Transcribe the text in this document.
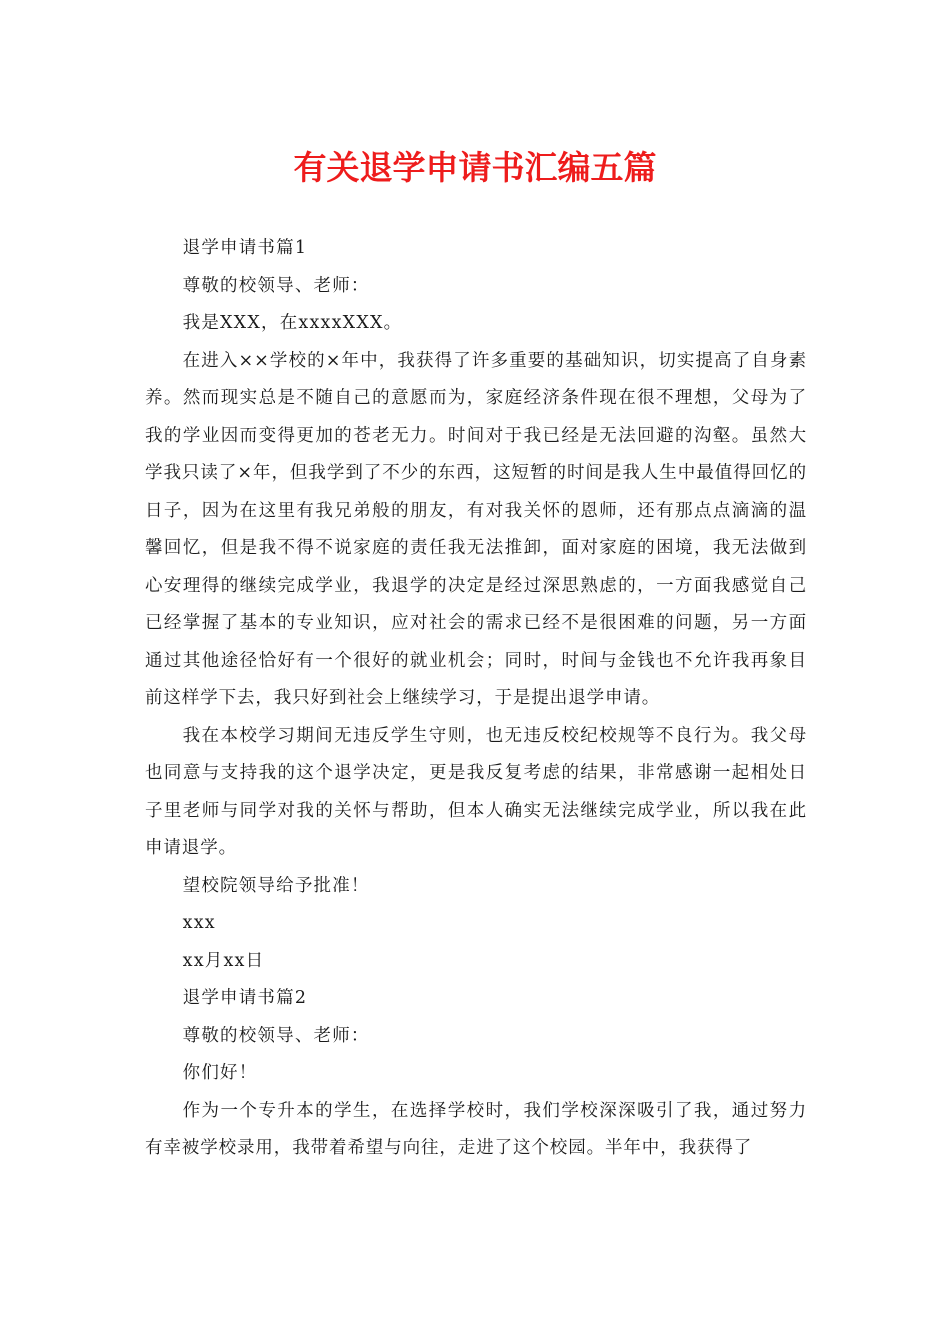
有关退学申请书汇编五篇

退学申请书篇1

尊敬的校领导、老师：

我是XXX，在xxxxXXX。

在进入××学校的×年中，我获得了许多重要的基础知识，切实提高了自身素养。然而现实总是不随自己的意愿而为，家庭经济条件现在很不理想，父母为了我的学业因而变得更加的苍老无力。时间对于我已经是无法回避的沟壑。虽然大学我只读了×年，但我学到了不少的东西，这短暂的时间是我人生中最值得回忆的日子，因为在这里有我兄弟般的朋友，有对我关怀的恩师，还有那点点滴滴的温馨回忆，但是我不得不说家庭的责任我无法推卸，面对家庭的困境，我无法做到心安理得的继续完成学业，我退学的决定是经过深思熟虑的，一方面我感觉自己已经掌握了基本的专业知识，应对社会的需求已经不是很困难的问题，另一方面通过其他途径恰好有一个很好的就业机会；同时，时间与金钱也不允许我再象目前这样学下去，我只好到社会上继续学习，于是提出退学申请。

我在本校学习期间无违反学生守则，也无违反校纪校规等不良行为。我父母也同意与支持我的这个退学决定，更是我反复考虑的结果，非常感谢一起相处日子里老师与同学对我的关怀与帮助，但本人确实无法继续完成学业，所以我在此申请退学。

望校院领导给予批准！

xxx

xx月xx日

退学申请书篇2

尊敬的校领导、老师：

你们好！

作为一个专升本的学生，在选择学校时，我们学校深深吸引了我，通过努力有幸被学校录用，我带着希望与向往，走进了这个校园。半年中，我获得了
